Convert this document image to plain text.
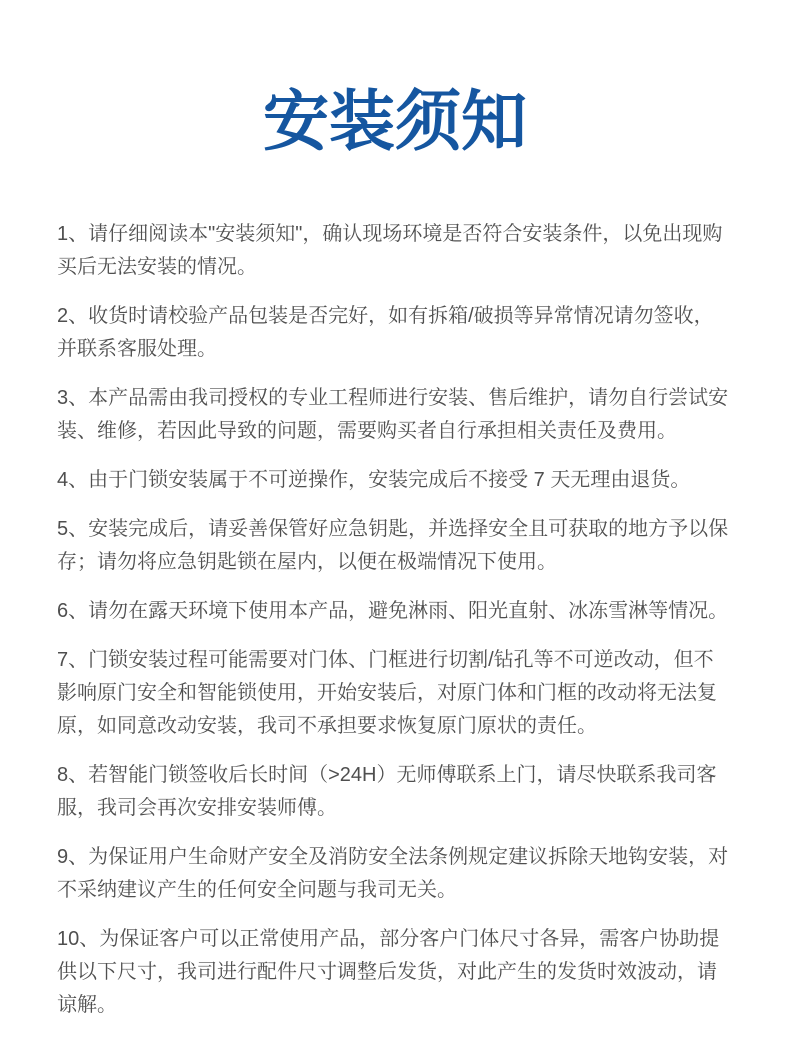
安装须知

1、请仔细阅读本"安装须知"，确认现场环境是否符合安装条件，以免出现购买后无法安装的情况。

2、收货时请校验产品包装是否完好，如有拆箱/破损等异常情况请勿签收，并联系客服处理。

3、本产品需由我司授权的专业工程师进行安装、售后维护，请勿自行尝试安装、维修，若因此导致的问题，需要购买者自行承担相关责任及费用。

4、由于门锁安装属于不可逆操作，安装完成后不接受 7 天无理由退货。

5、安装完成后，请妥善保管好应急钥匙，并选择安全且可获取的地方予以保存；请勿将应急钥匙锁在屋内，以便在极端情况下使用。

6、请勿在露天环境下使用本产品，避免淋雨、阳光直射、冰冻雪淋等情况。

7、门锁安装过程可能需要对门体、门框进行切割/钻孔等不可逆改动，但不影响原门安全和智能锁使用，开始安装后，对原门体和门框的改动将无法复原，如同意改动安装，我司不承担要求恢复原门原状的责任。

8、若智能门锁签收后长时间（>24H）无师傅联系上门，请尽快联系我司客服，我司会再次安排安装师傅。

9、为保证用户生命财产安全及消防安全法条例规定建议拆除天地钩安装，对不采纳建议产生的任何安全问题与我司无关。

10、为保证客户可以正常使用产品，部分客户门体尺寸各异，需客户协助提供以下尺寸，我司进行配件尺寸调整后发货，对此产生的发货时效波动，请谅解。
